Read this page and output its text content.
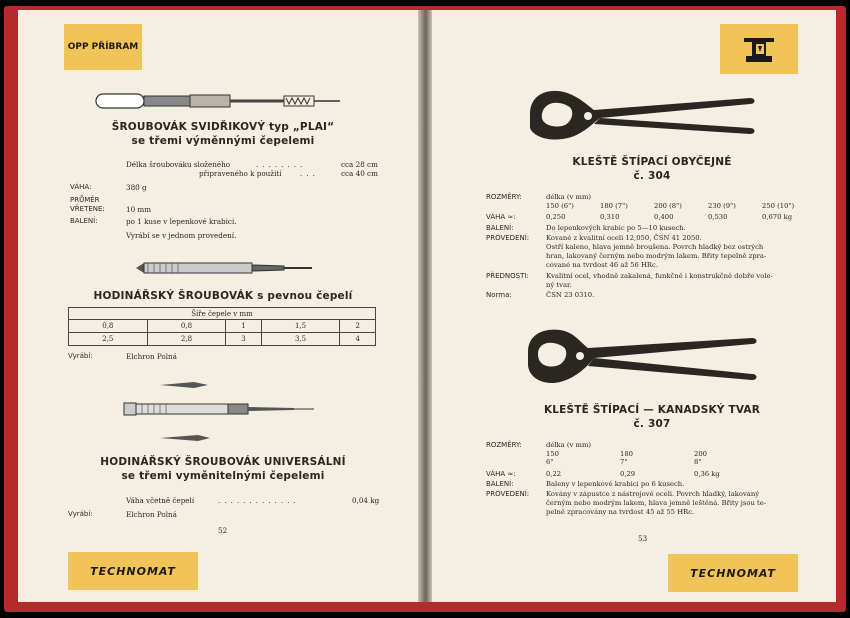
OPP PŘÍBRAM
ŠROUBOVÁK SVIDŘIKOVÝ typ „PLAI“
se třemi výměnnými čepelemi
Délka šroubováku složeného	........	cca 28 cm
připraveného k použití	...	cca 40 cm
VÁHA:	380 g
PRŮMĚR
VŘETENE:	10 mm
BALENÍ:	po 1 kuse v lepenkové krabici.
Vyrábí se v jednom provedení.
HODINÁŘSKÝ ŠROUBOVÁK s pevnou čepelí
Šíře čepele v mm				
0,8	0,8	1	1,5	2
2,5	2,8	3	3,5	4
Vyrábí:	Elchron Polná
HODINÁŘSKÝ ŠROUBOVÁK UNIVERSÁLNÍ
se třemi vyměnitelnými čepelemi
Váha včetně čepelí	.............	0,04 kg
Vyrábí:	Elchron Polná
52
TECHNOMAT
KLEŠTĚ ŠTÍPACÍ OBYČEJNÉ
č. 304
ROZMĚRY:	délka (v mm)
150 (6")	180 (7")	200 (8")	230 (9")	250 (10")
VÁHA ≈:	0,250	0,310	0,400	0,530	0,670 kg
BALENÍ:	Do lepenkových krabic po 5—10 kusech.
PROVEDENÍ: Kované z kvalitní oceli 12,050, ČSN 41 2050.
Ostří kaleno, hlava jemně broušena. Povrch hladký bez ostrých
hran, lakovaný černým nebo modrým lakem. Břity tepelně zpra-
cované na tvrdost 46 až 56 HRc.
PŘEDNOSTI:	Kvalitní ocel, vhodně zakalená, funkčně i konstrukčně dobře vole-
ný tvar.
Norma:	ČSN 23 0310.
KLEŠTĚ ŠTÍPACÍ — KANADSKÝ TVAR
č. 307
ROZMĚRY:	délka (v mm)
150	180	200
6"	7"	8"
VÁHA ≈:	0,22	0,29	0,36 kg
BALENÍ:	Baleny v lepenkové krabici po 6 kusech.
PROVEDENÍ: Kovány v zápustce z nástrojové oceli. Povrch hladký, lakovaný
černým nebo modrým lakem, hlava jemně leštěná. Břity jsou te-
pelně zpracovány na tvrdost 45 až 55 HRc.
53
TECHNOMAT
